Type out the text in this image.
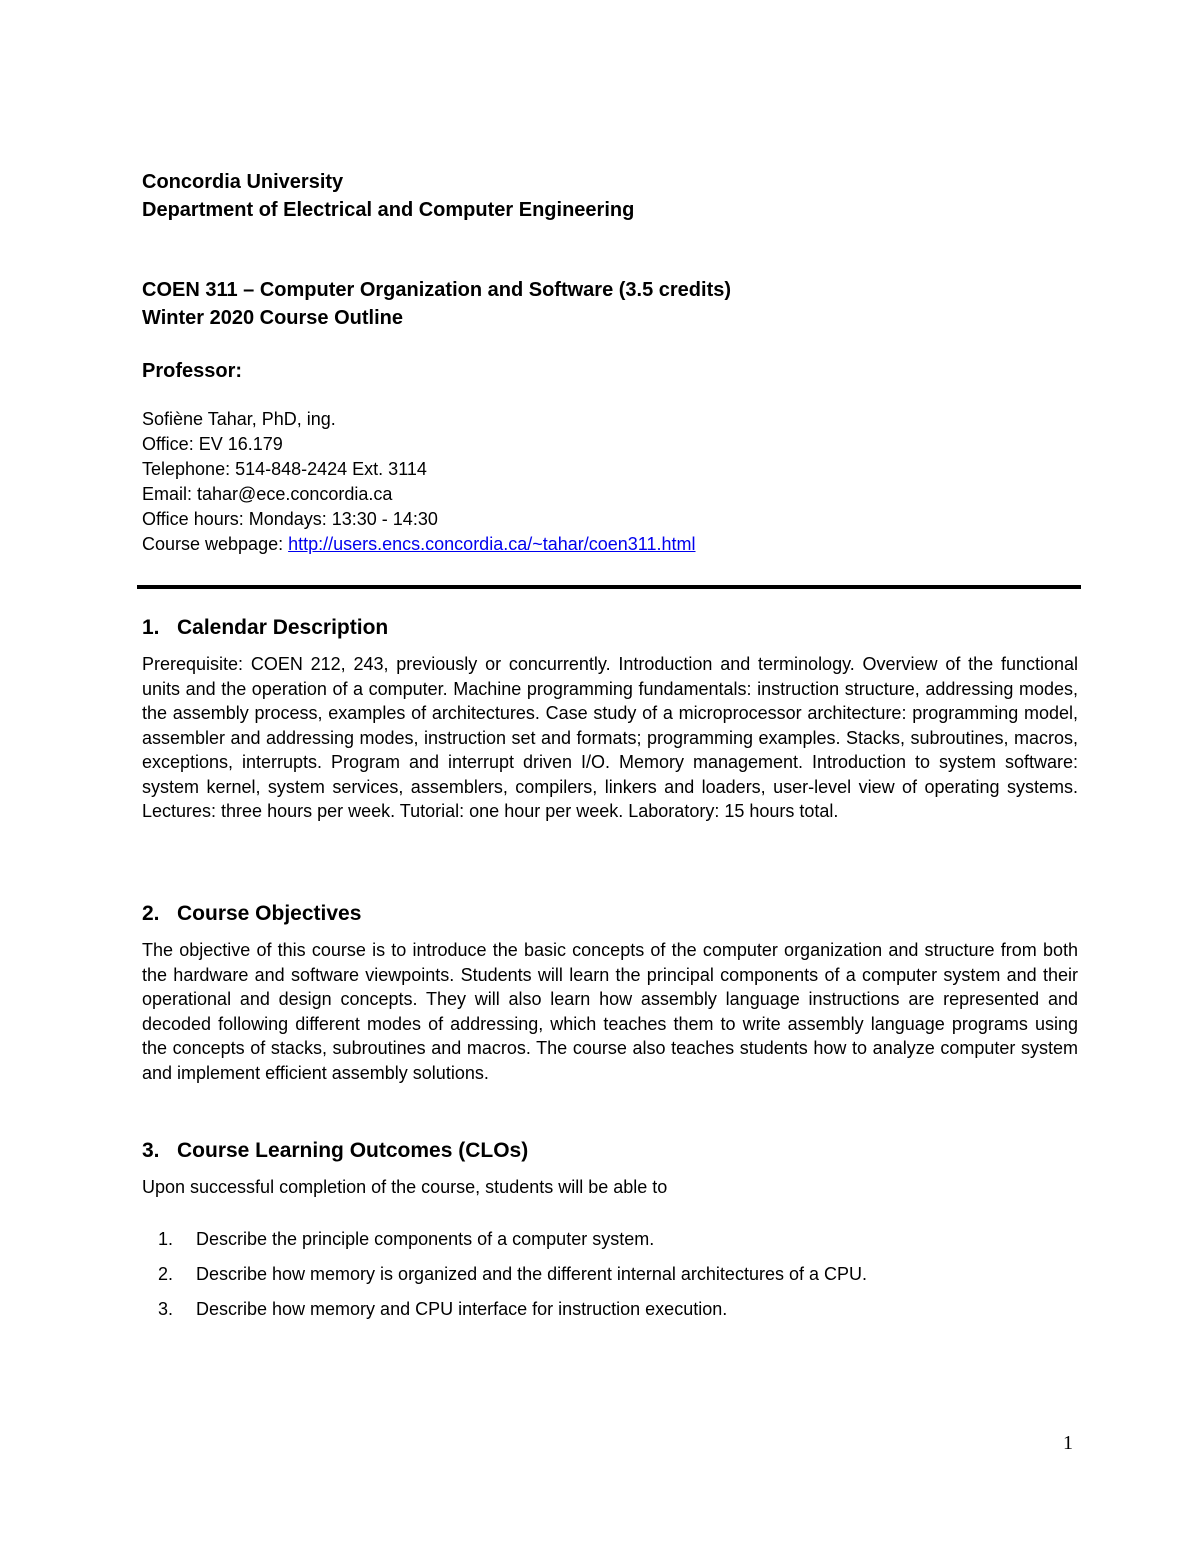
Concordia University

Department of Electrical and Computer Engineering

COEN 311 – Computer Organization and Software (3.5 credits)

Winter 2020 Course Outline

Professor:

Sofiène Tahar, PhD, ing.

Office: EV 16.179

Telephone: 514-848-2424 Ext. 3114

Email: tahar@ece.concordia.ca

Office hours: Mondays: 13:30 - 14:30

Course webpage: http://users.encs.concordia.ca/~tahar/coen311.html

1. Calendar Description

Prerequisite: COEN 212, 243, previously or concurrently. Introduction and terminology. Overview of the functional units and the operation of a computer. Machine programming fundamentals: instruction structure, addressing modes, the assembly process, examples of architectures. Case study of a microprocessor architecture: programming model, assembler and addressing modes, instruction set and formats; programming examples. Stacks, subroutines, macros, exceptions, interrupts. Program and interrupt driven I/O. Memory management. Introduction to system software: system kernel, system services, assemblers, compilers, linkers and loaders, user-level view of operating systems. Lectures: three hours per week. Tutorial: one hour per week. Laboratory: 15 hours total.

2. Course Objectives

The objective of this course is to introduce the basic concepts of the computer organization and structure from both the hardware and software viewpoints. Students will learn the principal components of a computer system and their operational and design concepts. They will also learn how assembly language instructions are represented and decoded following different modes of addressing, which teaches them to write assembly language programs using the concepts of stacks, subroutines and macros. The course also teaches students how to analyze computer system and implement efficient assembly solutions.

3. Course Learning Outcomes (CLOs)

Upon successful completion of the course, students will be able to

1. Describe the principle components of a computer system.
2. Describe how memory is organized and the different internal architectures of a CPU.
3. Describe how memory and CPU interface for instruction execution.
1
